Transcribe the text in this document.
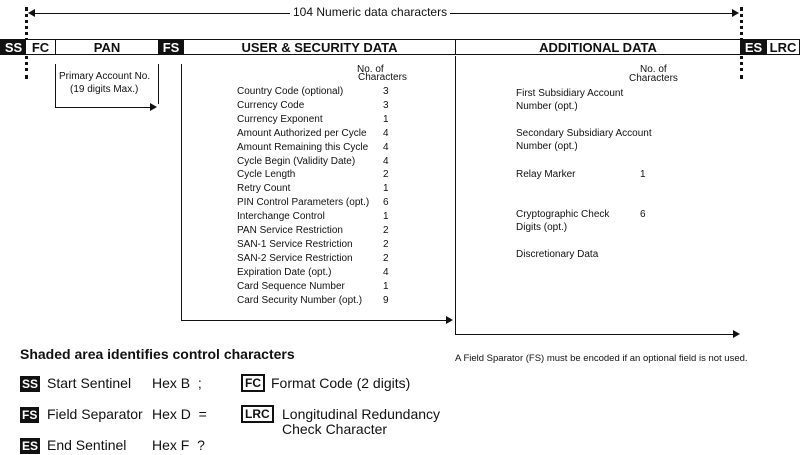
104 Numeric data characters
SS FC	PAN	FS	USER & SECURITY DATA	ADDITIONAL DATA	ES LRC
Primary Account No.
(19 digits Max.)
No. of
Characters
Country Code (optional)	3
Currency Code	3
Currency Exponent	1
Amount Authorized per Cycle 4
Amount Remaining this Cycle 4
Cycle Begin (Validity Date)	4
Cycle Length	2
Retry Count	1
PIN Control Parameters (opt.) 6
Interchange Control	1
PAN Service Restriction	2
SAN-1 Service Restriction	2
SAN-2 Service Restriction	2
Expiration Date (opt.)	4
Card Sequence Number	1
Card Security Number (opt.) 9
No. of
Characters
First Subsidiary Account
Number (opt.)
Secondary Subsidiary Account
Number (opt.)
Relay Marker	1
Cryptographic Check
Digits (opt.)
6
Discretionary Data
A Field Sparator (FS) must be encoded if an optional field is not used.
Shaded area identifies control characters
SS Start Sentinel Hex B  ;
FS Field Separator Hex D  =
ES End Sentinel Hex F  ?
FC Format Code (2 digits)
LRC Longitudinal Redundancy
Check Character
